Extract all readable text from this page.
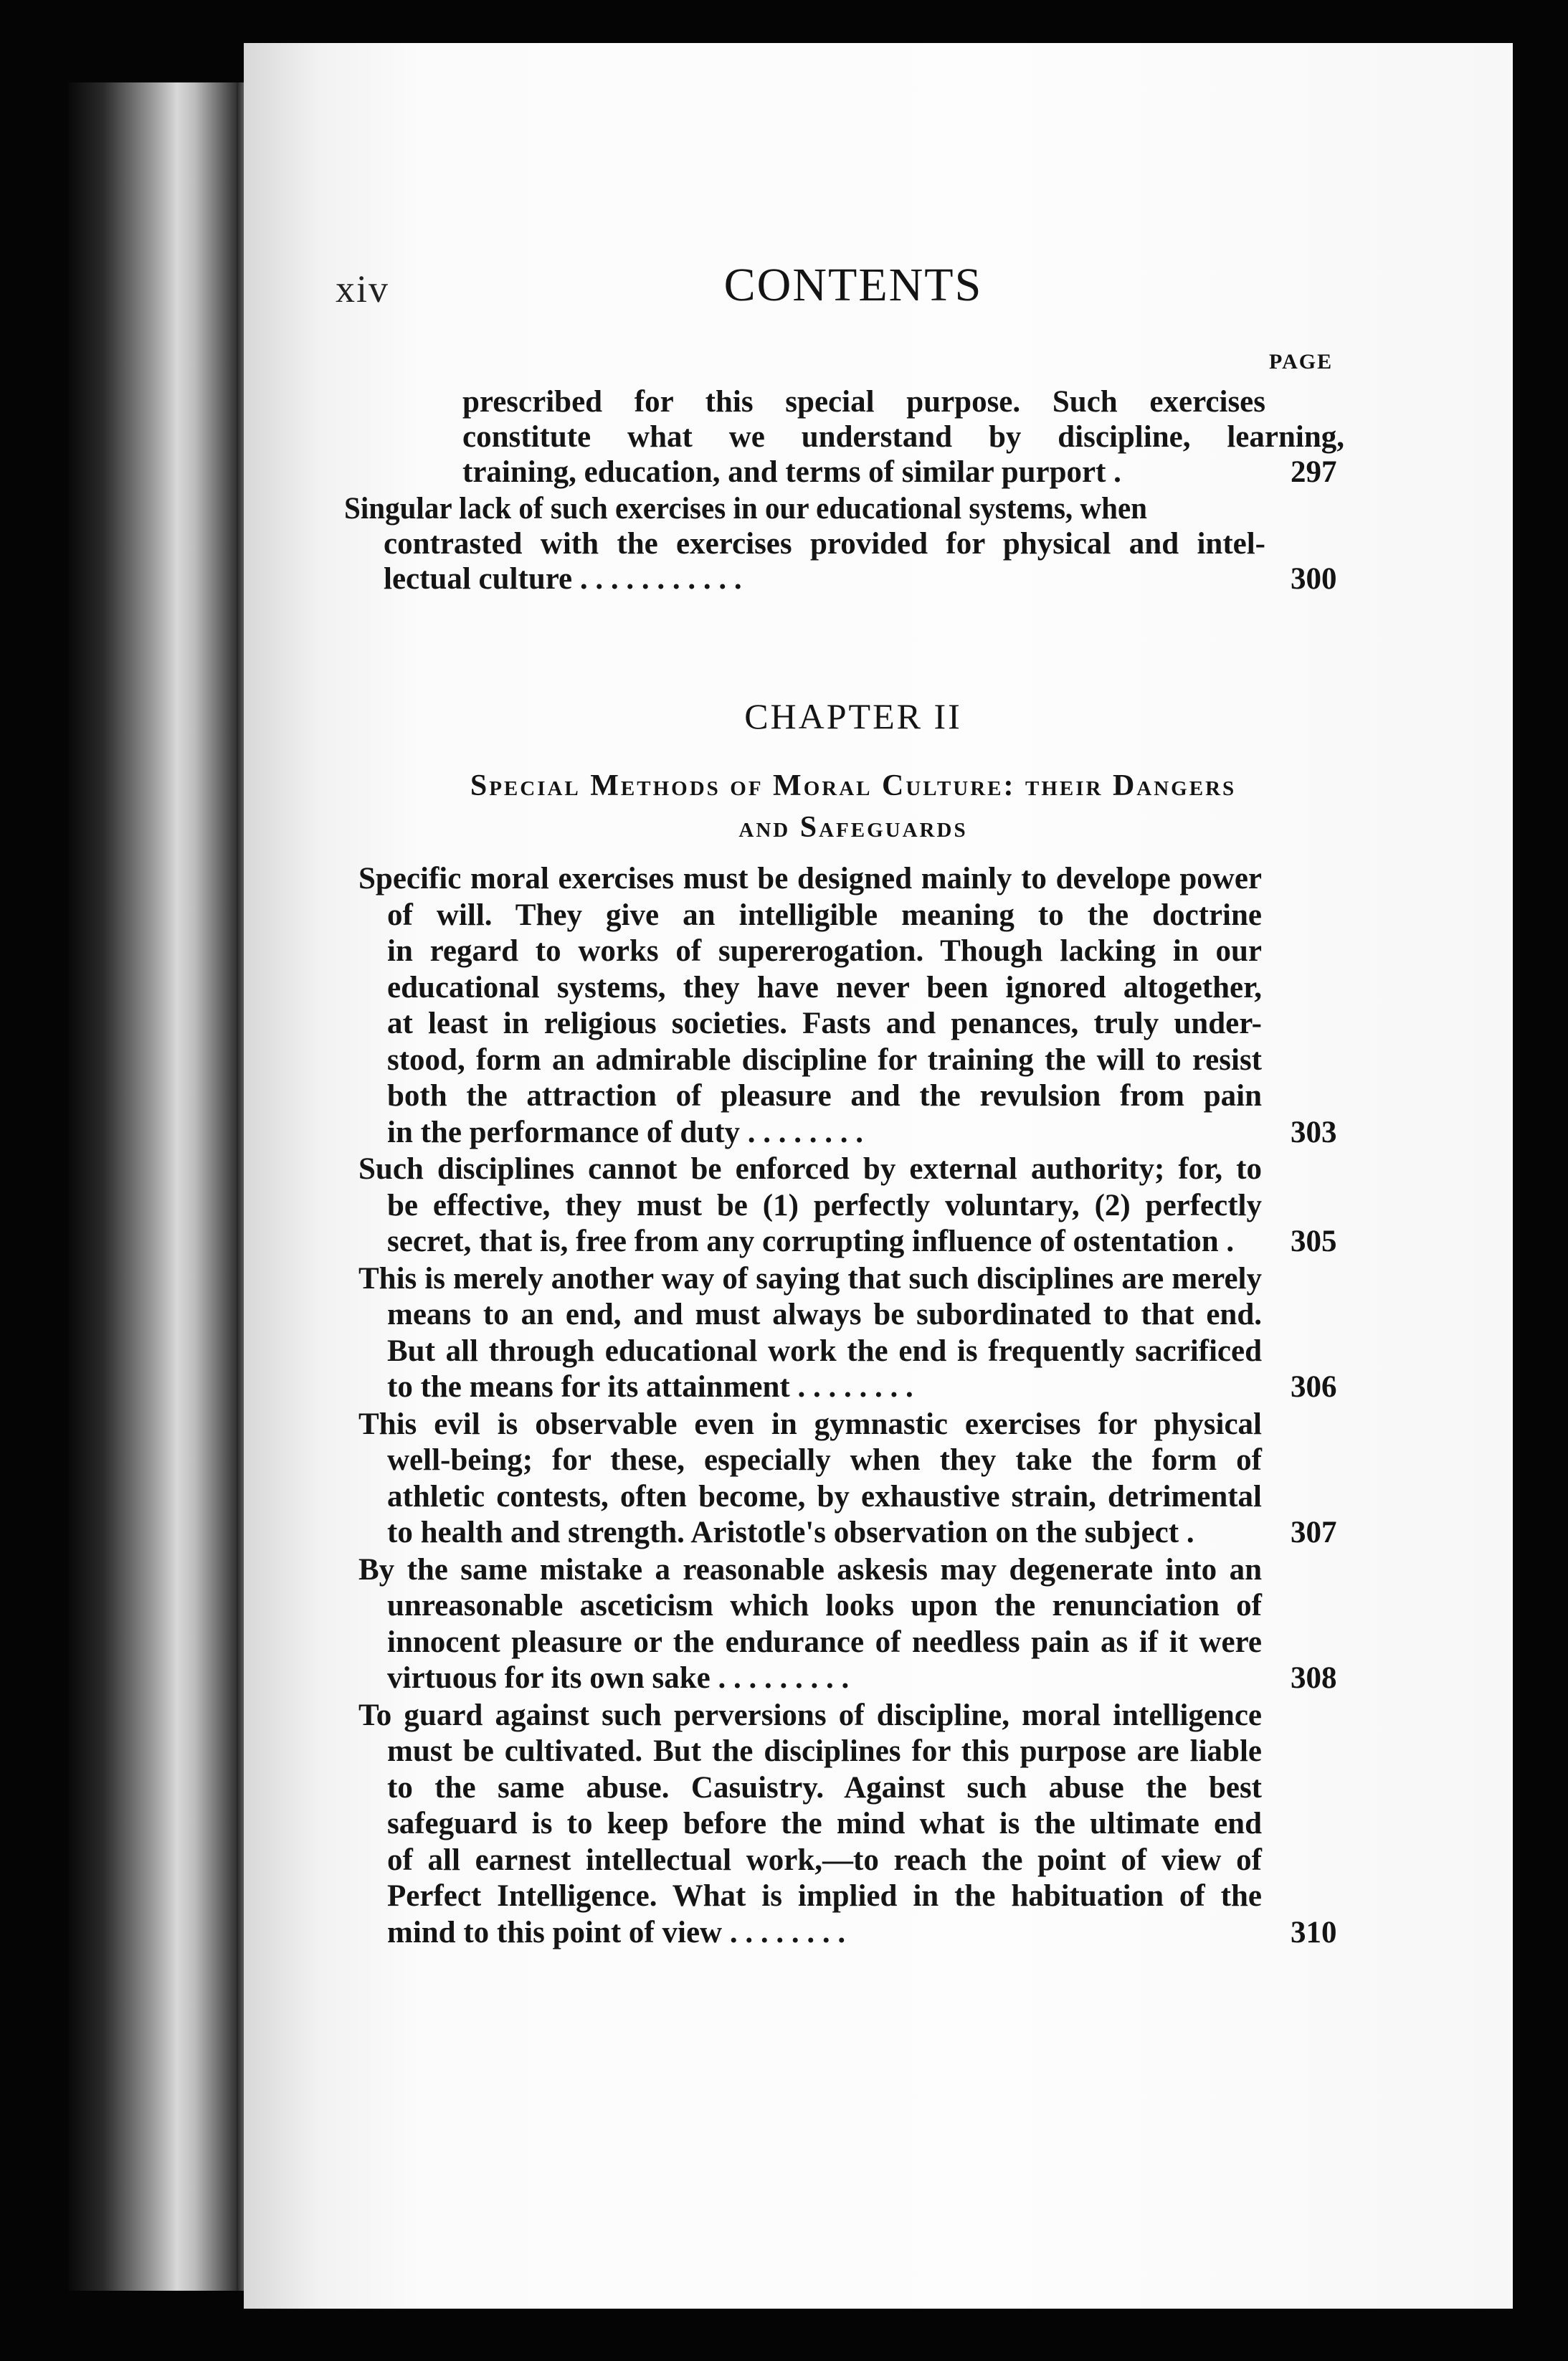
xiv	CONTENTS
PAGE
prescribed for this special purpose. Such exercises
constitute what we understand by discipline, learning,
training, education, and terms of similar purport .	297
Singular lack of such exercises in our educational systems, when
contrasted with the exercises provided for physical and intel-
lectual culture . . . . . . . . . . .	300
CHAPTER II
Special Methods of Moral Culture: their Dangers
and Safeguards
Specific moral exercises must be designed mainly to develope power
of will. They give an intelligible meaning to the doctrine
in regard to works of supererogation. Though lacking in our
educational systems, they have never been ignored altogether,
at least in religious societies. Fasts and penances, truly under-
stood, form an admirable discipline for training the will to resist
both the attraction of pleasure and the revulsion from pain
in the performance of duty . . . . . . . .	303
Such disciplines cannot be enforced by external authority; for, to
be effective, they must be (1) perfectly voluntary, (2) perfectly
secret, that is, free from any corrupting influence of ostentation . 305
This is merely another way of saying that such disciplines are merely
means to an end, and must always be subordinated to that end.
But all through educational work the end is frequently sacrificed
to the means for its attainment . . . . . . . .	306
This evil is observable even in gymnastic exercises for physical
well-being; for these, especially when they take the form of
athletic contests, often become, by exhaustive strain, detrimental
to health and strength. Aristotle's observation on the subject .	307
By the same mistake a reasonable askesis may degenerate into an
unreasonable asceticism which looks upon the renunciation of
innocent pleasure or the endurance of needless pain as if it were
virtuous for its own sake . . . . . . . . .	308
To guard against such perversions of discipline, moral intelligence
must be cultivated. But the disciplines for this purpose are liable
to the same abuse. Casuistry. Against such abuse the best
safeguard is to keep before the mind what is the ultimate end
of all earnest intellectual work,—to reach the point of view of
Perfect Intelligence. What is implied in the habituation of the
mind to this point of view . . . . . . . .	310
